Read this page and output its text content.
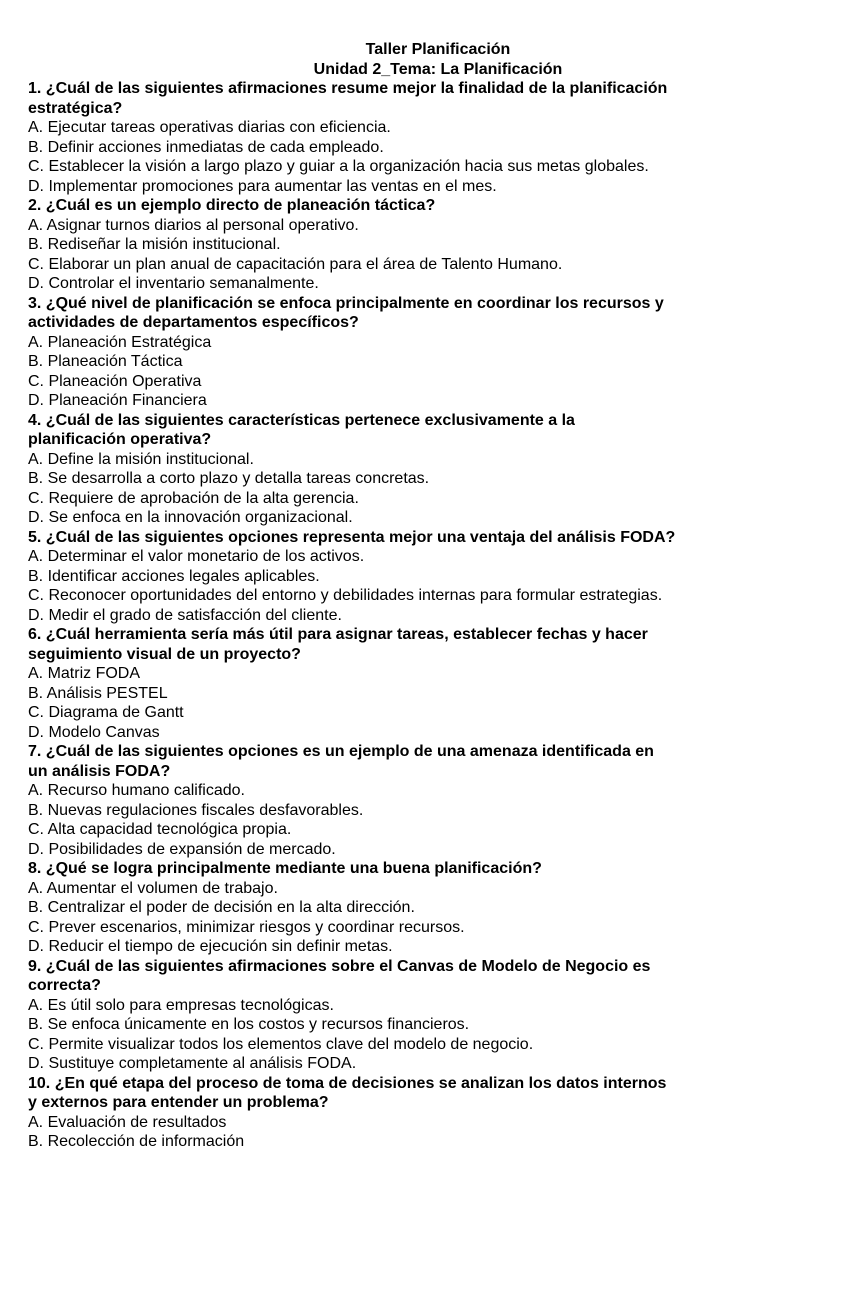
Taller Planificación
Unidad 2_Tema: La Planificación
1. ¿Cuál de las siguientes afirmaciones resume mejor la finalidad de la planificación
estratégica?
A. Ejecutar tareas operativas diarias con eficiencia.
B. Definir acciones inmediatas de cada empleado.
C. Establecer la visión a largo plazo y guiar a la organización hacia sus metas globales.
D. Implementar promociones para aumentar las ventas en el mes.
2. ¿Cuál es un ejemplo directo de planeación táctica?
A. Asignar turnos diarios al personal operativo.
B. Rediseñar la misión institucional.
C. Elaborar un plan anual de capacitación para el área de Talento Humano.
D. Controlar el inventario semanalmente.
3. ¿Qué nivel de planificación se enfoca principalmente en coordinar los recursos y
actividades de departamentos específicos?
A. Planeación Estratégica
B. Planeación Táctica
C. Planeación Operativa
D. Planeación Financiera
4. ¿Cuál de las siguientes características pertenece exclusivamente a la
planificación operativa?
A. Define la misión institucional.
B. Se desarrolla a corto plazo y detalla tareas concretas.
C. Requiere de aprobación de la alta gerencia.
D. Se enfoca en la innovación organizacional.
5. ¿Cuál de las siguientes opciones representa mejor una ventaja del análisis FODA?
A. Determinar el valor monetario de los activos.
B. Identificar acciones legales aplicables.
C. Reconocer oportunidades del entorno y debilidades internas para formular estrategias.
D. Medir el grado de satisfacción del cliente.
6. ¿Cuál herramienta sería más útil para asignar tareas, establecer fechas y hacer
seguimiento visual de un proyecto?
A. Matriz FODA
B. Análisis PESTEL
C. Diagrama de Gantt
D. Modelo Canvas
7. ¿Cuál de las siguientes opciones es un ejemplo de una amenaza identificada en
un análisis FODA?
A. Recurso humano calificado.
B. Nuevas regulaciones fiscales desfavorables.
C. Alta capacidad tecnológica propia.
D. Posibilidades de expansión de mercado.
8. ¿Qué se logra principalmente mediante una buena planificación?
A. Aumentar el volumen de trabajo.
B. Centralizar el poder de decisión en la alta dirección.
C. Prever escenarios, minimizar riesgos y coordinar recursos.
D. Reducir el tiempo de ejecución sin definir metas.
9. ¿Cuál de las siguientes afirmaciones sobre el Canvas de Modelo de Negocio es
correcta?
A. Es útil solo para empresas tecnológicas.
B. Se enfoca únicamente en los costos y recursos financieros.
C. Permite visualizar todos los elementos clave del modelo de negocio.
D. Sustituye completamente al análisis FODA.
10. ¿En qué etapa del proceso de toma de decisiones se analizan los datos internos
y externos para entender un problema?
A. Evaluación de resultados
B. Recolección de información
